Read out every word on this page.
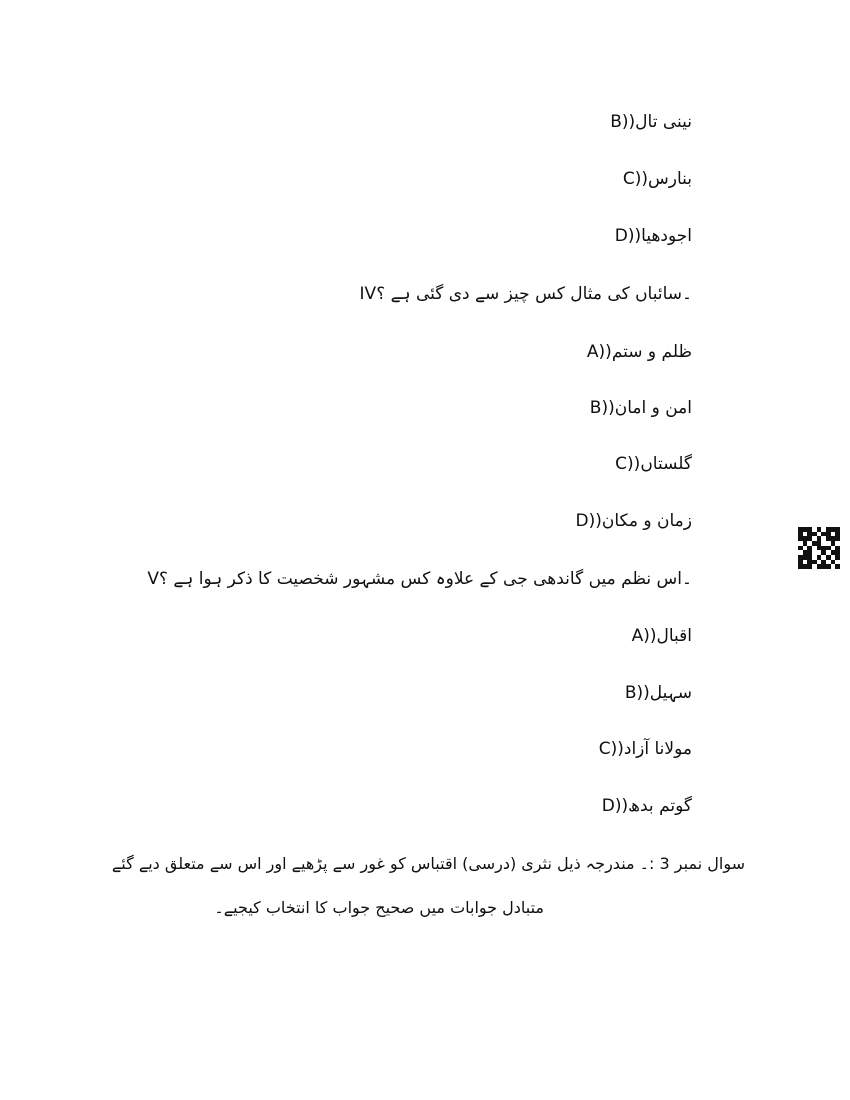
B))نینی تال
C))بنارس
D))اجودھیا
IV۔سائباں کی مثال کس چیز سے دی گئی ہے ؟
A))ظلم و ستم
B))امن و امان
C))گلستاں
D))زمان و مکان
V۔اس نظم میں گاندھی جی کے علاوہ کس مشہور شخصیت کا ذکر ہوا ہے ؟
A))اقبال
B))سہیل
C))مولانا آزاد
D))گوتم بدھ
سوال نمبر 3 :۔ مندرجہ ذیل نثری (درسی) اقتباس کو غور سے پڑھیے اور اس سے متعلق دیے گئے
متبادل جوابات میں صحیح جواب کا انتخاب کیجیے۔
